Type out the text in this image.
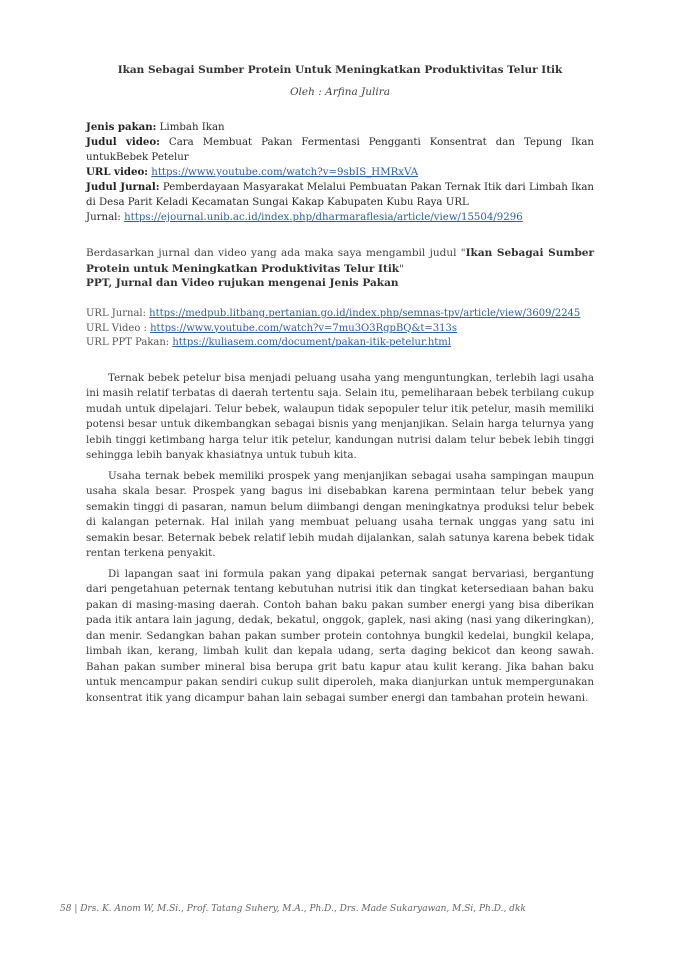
Ikan Sebagai Sumber Protein Untuk Meningkatkan Produktivitas Telur Itik

Oleh : Arfina Julira

Jenis pakan: Limbah Ikan

Judul video: Cara Membuat Pakan Fermentasi Pengganti Konsentrat dan Tepung Ikan untukBebek Petelur

URL video: https://www.youtube.com/watch?v=9sbIS_HMRxVA

Judul Jurnal: Pemberdayaan Masyarakat Melalui Pembuatan Pakan Ternak Itik dari Limbah Ikan di Desa Parit Keladi Kecamatan Sungai Kakap Kabupaten Kubu Raya URL

Jurnal: https://ejournal.unib.ac.id/index.php/dharmaraflesia/article/view/15504/9296

Berdasarkan jurnal dan video yang ada maka saya mengambil judul "Ikan Sebagai Sumber Protein untuk Meningkatkan Produktivitas Telur Itik"

PPT, Jurnal dan Video rujukan mengenai Jenis Pakan

URL Jurnal: https://medpub.litbang.pertanian.go.id/index.php/semnas-tpv/article/view/3609/2245
URL Video : https://www.youtube.com/watch?v=7mu3O3RgpBQ&t=313s
URL PPT Pakan: https://kuliasem.com/document/pakan-itik-petelur.html

Ternak bebek petelur bisa menjadi peluang usaha yang menguntungkan, terlebih lagi usaha ini masih relatif terbatas di daerah tertentu saja. Selain itu, pemeliharaan bebek terbilang cukup mudah untuk dipelajari. Telur bebek, walaupun tidak sepopuler telur itik petelur, masih memiliki potensi besar untuk dikembangkan sebagai bisnis yang menjanjikan. Selain harga telurnya yang lebih tinggi ketimbang harga telur itik petelur, kandungan nutrisi dalam telur bebek lebih tinggi sehingga lebih banyak khasiatnya untuk tubuh kita.

Usaha ternak bebek memiliki prospek yang menjanjikan sebagai usaha sampingan maupun usaha skala besar. Prospek yang bagus ini disebabkan karena permintaan telur bebek yang semakin tinggi di pasaran, namun belum diimbangi dengan meningkatnya produksi telur bebek di kalangan peternak. Hal inilah yang membuat peluang usaha ternak unggas yang satu ini semakin besar. Beternak bebek relatif lebih mudah dijalankan, salah satunya karena bebek tidak rentan terkena penyakit.

Di lapangan saat ini formula pakan yang dipakai peternak sangat bervariasi, bergantung dari pengetahuan peternak tentang kebutuhan nutrisi itik dan tingkat ketersediaan bahan baku pakan di masing-masing daerah. Contoh bahan baku pakan sumber energi yang bisa diberikan pada itik antara lain jagung, dedak, bekatul, onggok, gaplek, nasi aking (nasi yang dikeringkan), dan menir. Sedangkan bahan pakan sumber protein contohnya bungkil kedelai, bungkil kelapa, limbah ikan, kerang, limbah kulit dan kepala udang, serta daging bekicot dan keong sawah. Bahan pakan sumber mineral bisa berupa grit batu kapur atau kulit kerang. Jika bahan baku untuk mencampur pakan sendiri cukup sulit diperoleh, maka dianjurkan untuk mempergunakan konsentrat itik yang dicampur bahan lain sebagai sumber energi dan tambahan protein hewani.

58 | Drs. K. Anom W, M.Si., Prof. Tatang Suhery, M.A., Ph.D., Drs. Made Sukaryawan, M.Si, Ph.D., dkk
